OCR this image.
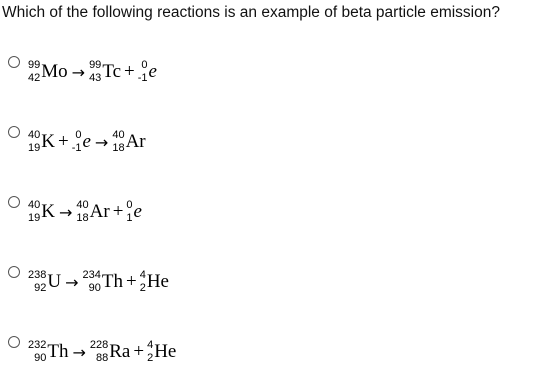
Which of the following reactions is an example of beta particle emission?
99
42 Mo → 99
43 Tc + 0
-1 e
40
19 K + 0
-1 e → 40
18 Ar
40
19 K → 40
18 Ar + 0
1 e
238
92 U → 234
90 Th + 4
2 He
232
90 Th → 228
88 Ra + 4
2 He
